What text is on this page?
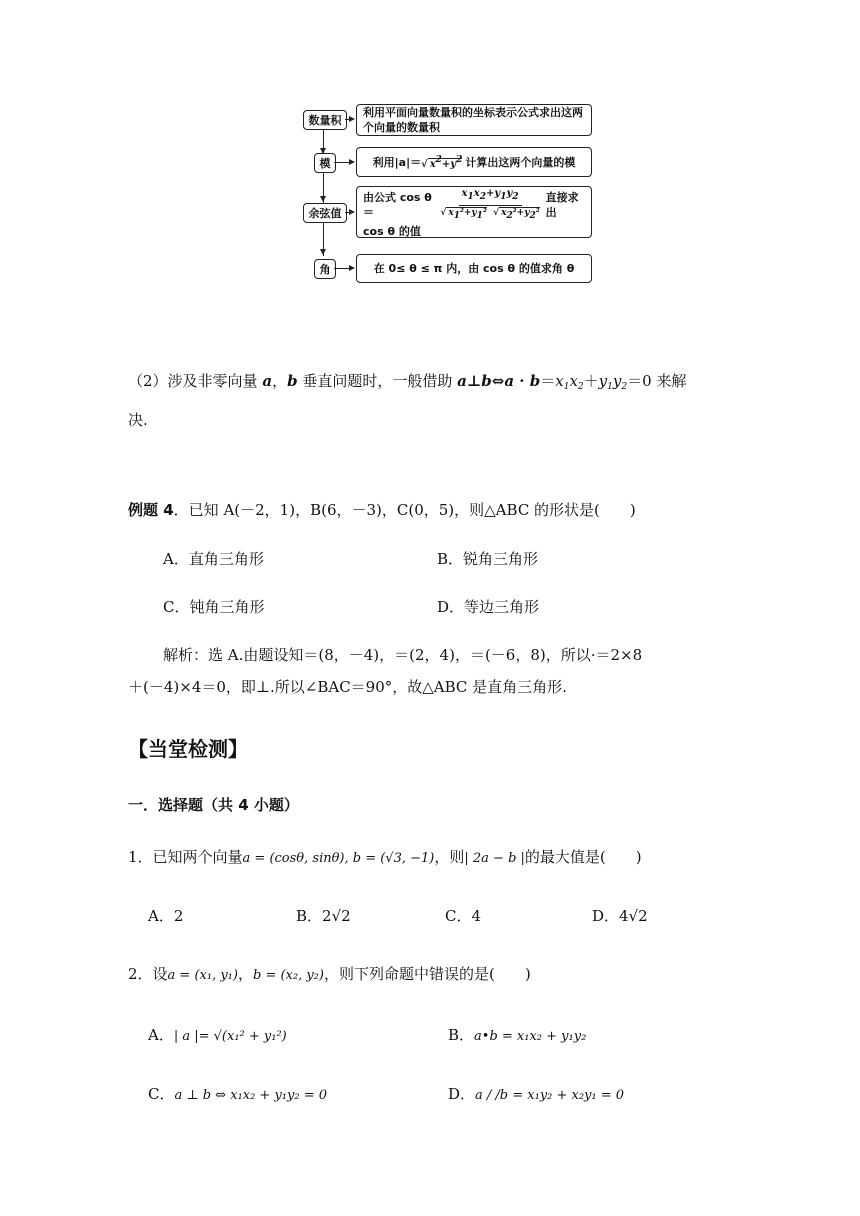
数量积
利用平面向量数量积的坐标表示公式求出这两个向量的数量积
模	利用| a |＝ √ x2+y2 计算出这两个向量的模
余弦值
由公式 cos θ＝	$\frac{x1x2+y1y2}{\text{√ x1²+y1²  √ x2²+y2²}}$ 直接求出
cos θ 的值
角	在 0≤ θ ≤ π 内，由 cos θ 的值求角 θ
（2）涉及非零向量 a，b 垂直问题时，一般借助 a⊥b⇔a · $b=x_1x_2+y_1y_2=0$ 来解
决.
例题 4．已知 A(－2，1)，B(6，－3)，C(0，5)，则△ABC 的形状是(　　)
A．直角三角形	B．锐角三角形
C．钝角三角形	D．等边三角形
解析：选 A.由题设知＝(8，－4)，＝(2，4)，＝(－6，8)，所以·＝2×8
＋(－4)×4＝0，即⊥.所以∠BAC＝90°，故△ABC 是直角三角形.
【当堂检测】
一．选择题（共 4 小题）
1．已知两个向量a = (cosθ, sinθ), b = (√3, −1)，则| 2a − b |的最大值是(　　)
A．2	B．2√2	C．4	D．4√2
2．设a = (x₁, y₁)，b = (x₂, y₂)，则下列命题中错误的是(　　)
A．| a |= √(x₁² + y₁²)	B．a•b = x₁x₂ + y₁y₂
C．a ⊥ b ⇔ x₁x₂ + y₁y₂ = 0	D．a / /b = x₁y₂ + x₂y₁ = 0
